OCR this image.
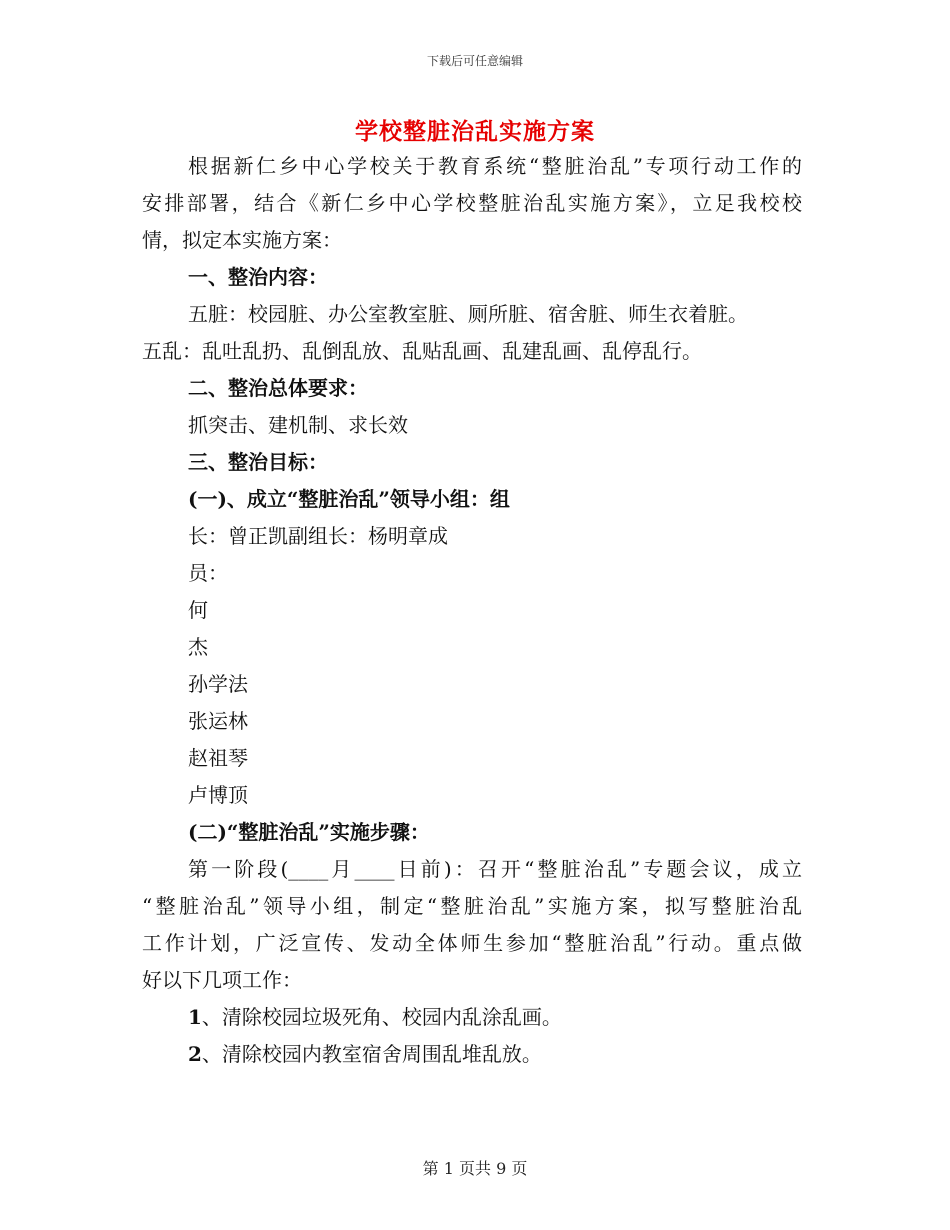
下载后可任意编辑
学校整脏治乱实施方案

根据新仁乡中心学校关于教育系统“整脏治乱”专项行动工作的

安排部署，结合《新仁乡中心学校整脏治乱实施方案》，立足我校校

情，拟定本实施方案：

一、整治内容：

五脏：校园脏、办公室教室脏、厕所脏、宿舍脏、师生衣着脏。

五乱：乱吐乱扔、乱倒乱放、乱贴乱画、乱建乱画、乱停乱行。

二、整治总体要求：

抓突击、建机制、求长效

三、整治目标：

(一)、成立“整脏治乱”领导小组：组

长：曾正凯副组长：杨明章成

员：

何

杰

孙学法

张运林

赵祖琴

卢博顶

(二)“整脏治乱”实施步骤：

第一阶段(____月____日前)：召开“整脏治乱”专题会议，成立

“整脏治乱”领导小组，制定“整脏治乱”实施方案，拟写整脏治乱

工作计划，广泛宣传、发动全体师生参加“整脏治乱”行动。重点做

好以下几项工作：

1、清除校园垃圾死角、校园内乱涂乱画。

2、清除校园内教室宿舍周围乱堆乱放。

第 1 页共 9 页
